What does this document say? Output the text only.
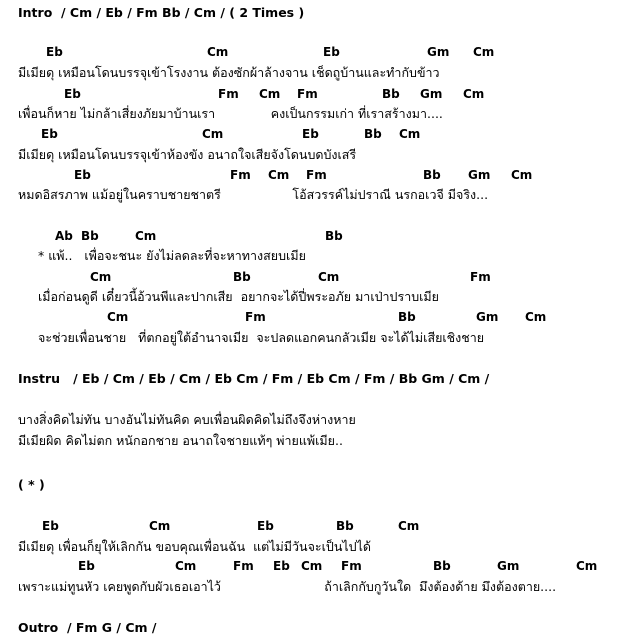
Intro  / Cm / Eb / Fm Bb / Cm / ( 2 Times )
Eb	Cm	Eb	Gm Cm
มีเมียดุ เหมือนโดนบรรจุเข้าโรงงาน ต้องซักผ้าล้างจาน เช็ดถูบ้านและทำกับข้าว
Eb	Fm Cm Fm	Bb Gm Cm
เพื่อนก็หาย ไม่กล้าเสี่ยงภัยมาบ้านเรา              คงเป็นกรรมเก่า ที่เราสร้างมา....
Eb	Cm	Eb	Bb Cm
มีเมียดุ เหมือนโดนบรรจุเข้าห้องขัง อนาถใจเสียจังโดนบดบังเสรี
Eb	Fm Cm Fm	Bb Gm Cm
หมดอิสรภาพ แม้อยู่ในคราบชายชาตรี                  โอ้สวรรค์ไม่ปราณี นรกอเวจี มีจริง...
Ab Bb	Cm	Bb
* แพ้..   เพื่อจะชนะ ยังไม่ลดละที่จะหาทางสยบเมีย
Cm	Bb	Cm	Fm
เมื่อก่อนดูดี เดี๋ยวนี้อ้วนพีและปากเสีย  อยากจะได้ปี่พระอภัย มาเป่าปราบเมีย
Cm	Fm	Bb	Gm Cm
จะช่วยเพื่อนชาย   ที่ตกอยู่ใต้อำนาจเมีย  จะปลดแอกคนกลัวเมีย จะได้ไม่เสียเชิงชาย
Instru   / Eb / Cm / Eb / Cm / Eb Cm / Fm / Eb Cm / Fm / Bb Gm / Cm /
บางสิ่งคิดไม่ทัน บางอันไม่ทันคิด คบเพื่อนผิดคิดไม่ถึงจึงห่างหาย
มีเมียผิด คิดไม่ตก หนักอกชาย อนาถใจชายแท้ๆ พ่ายแพ้เมีย..
( * )
Eb	Cm	Eb	Bb	Cm
มีเมียดุ เพื่อนก็ยุให้เลิกกัน ขอบคุณเพื่อนฉัน  แต่ไม่มีวันจะเป็นไปได้
Eb	Cm	Fm Eb Cm Fm	Bb	Gm	Cm
เพราะแม่ทูนหัว เคยพูดกับผัวเธอเอาไว้                          ถ้าเลิกกับกูวันใด  มึงต้องด้าย มึงต้องตาย....
Outro  / Fm G / Cm /
